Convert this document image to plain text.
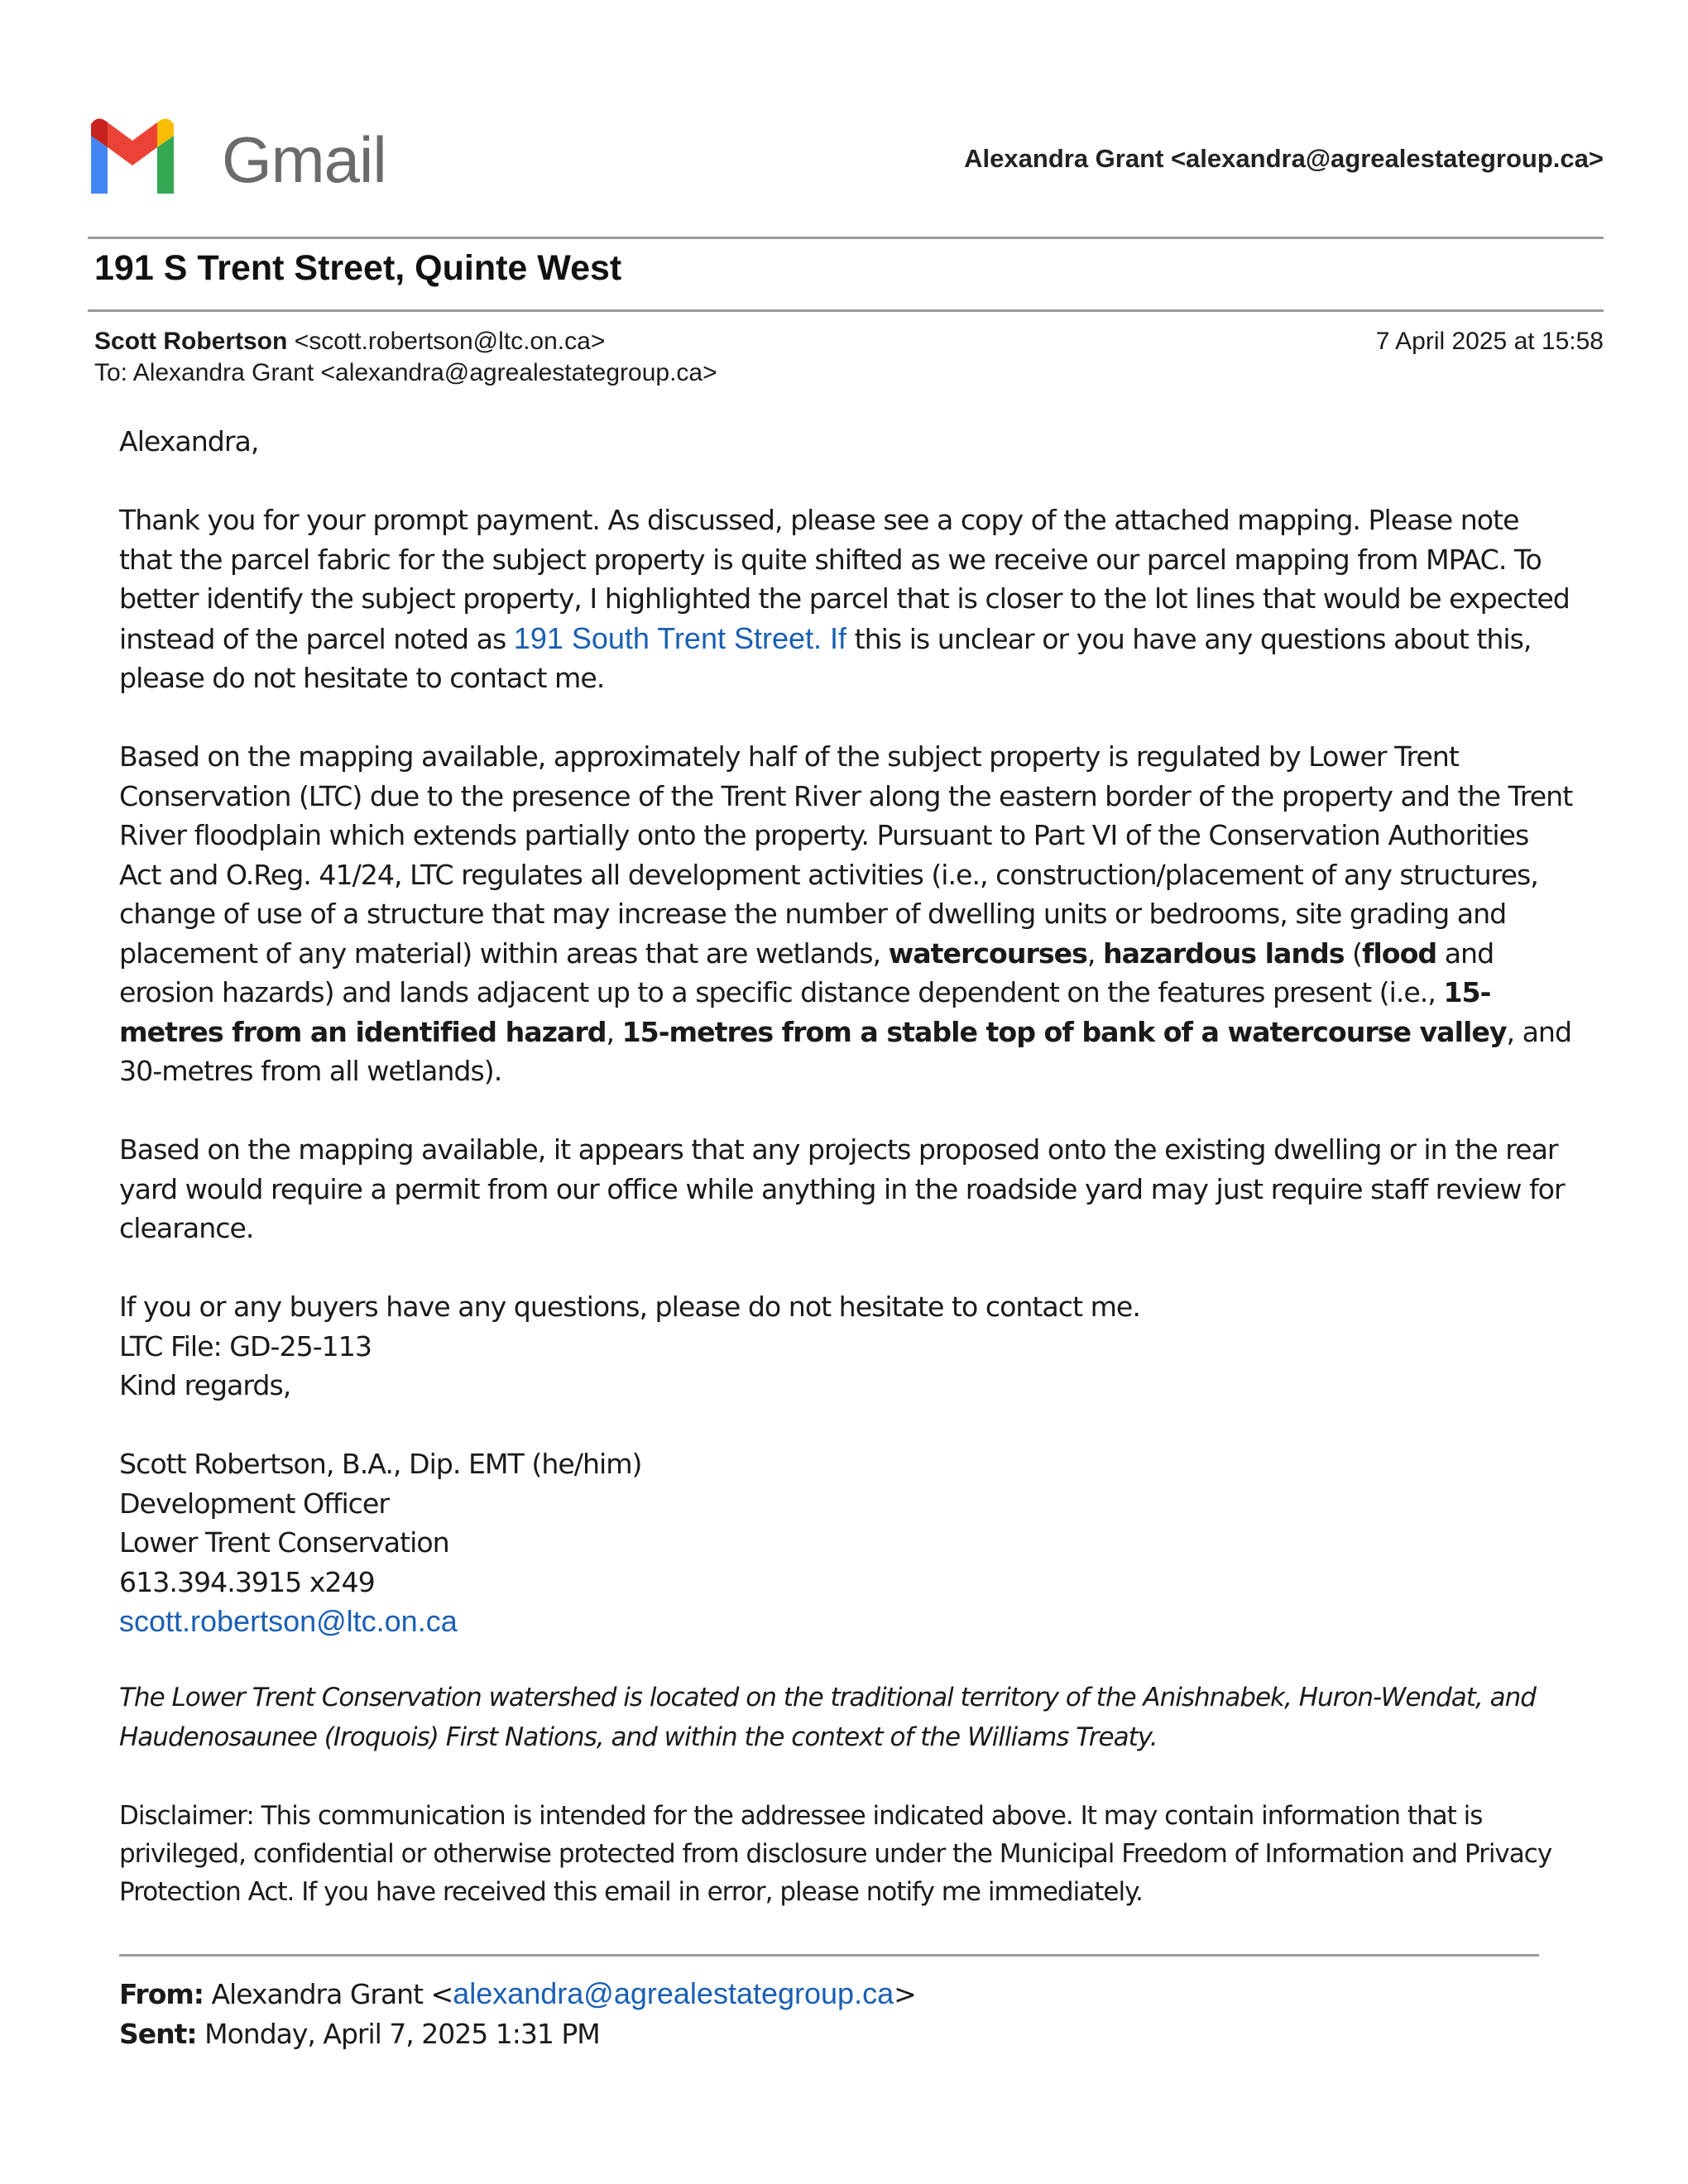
Gmail	Alexandra Grant <alexandra@agrealestategroup.ca>
191 S Trent Street, Quinte West
Scott Robertson <scott.robertson@ltc.on.ca>
To: Alexandra Grant <alexandra@agrealestategroup.ca>
7 April 2025 at 15:58

Alexandra,

Thank you for your prompt payment. As discussed, please see a copy of the attached mapping. Please note that the parcel fabric for the subject property is quite shifted as we receive our parcel mapping from MPAC. To better identify the subject property, I highlighted the parcel that is closer to the lot lines that would be expected instead of the parcel noted as 191 South Trent Street. If this is unclear or you have any questions about this, please do not hesitate to contact me.

Based on the mapping available, approximately half of the subject property is regulated by Lower Trent Conservation (LTC) due to the presence of the Trent River along the eastern border of the property and the Trent River floodplain which extends partially onto the property. Pursuant to Part VI of the Conservation Authorities Act and O.Reg. 41/24, LTC regulates all development activities (i.e., construction/placement of any structures, change of use of a structure that may increase the number of dwelling units or bedrooms, site grading and placement of any material) within areas that are wetlands, watercourses, hazardous lands (flood and erosion hazards) and lands adjacent up to a specific distance dependent on the features present (i.e., 15-metres from an identified hazard, 15-metres from a stable top of bank of a watercourse valley, and 30-metres from all wetlands).

Based on the mapping available, it appears that any projects proposed onto the existing dwelling or in the rear yard would require a permit from our office while anything in the roadside yard may just require staff review for clearance.

If you or any buyers have any questions, please do not hesitate to contact me.

LTC File: GD-25-113

Kind regards,

Scott Robertson, B.A., Dip. EMT (he/him)

Development Officer

Lower Trent Conservation

613.394.3915 x249

scott.robertson@ltc.on.ca

The Lower Trent Conservation watershed is located on the traditional territory of the Anishnabek, Huron-Wendat, and Haudenosaunee (Iroquois) First Nations, and within the context of the Williams Treaty.

Disclaimer: This communication is intended for the addressee indicated above. It may contain information that is privileged, confidential or otherwise protected from disclosure under the Municipal Freedom of Information and Privacy Protection Act. If you have received this email in error, please notify me immediately.

From: Alexandra Grant <alexandra@agrealestategroup.ca>
Sent: Monday, April 7, 2025 1:31 PM
